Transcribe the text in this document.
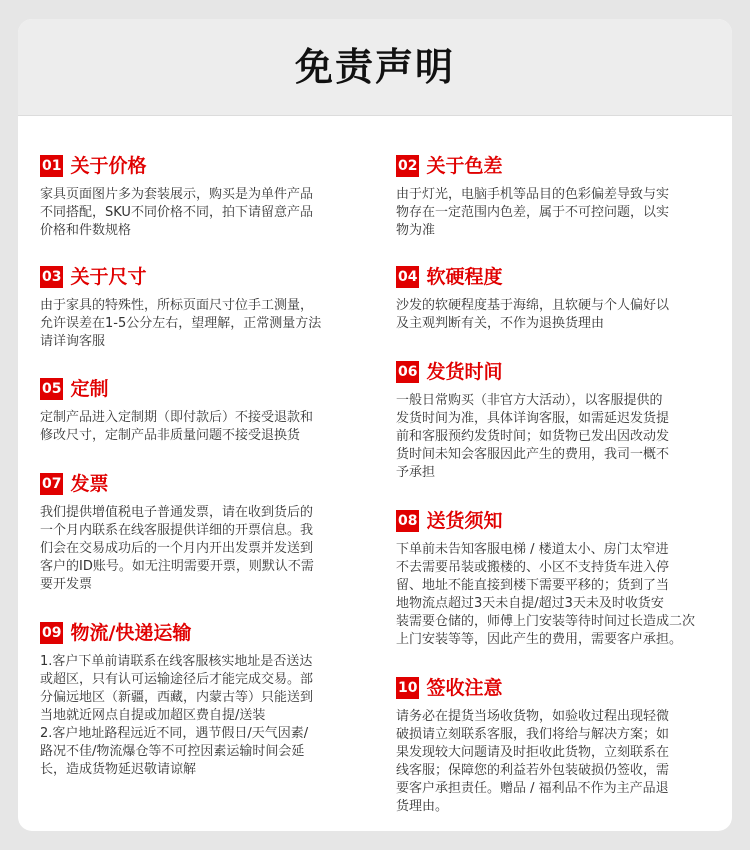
免责声明
01 关于价格
家具页面图片多为套装展示，购买是为单件产品
不同搭配，SKU不同价格不同，拍下请留意产品
价格和件数规格
03 关于尺寸
由于家具的特殊性，所标页面尺寸位手工测量，
允许误差在1-5公分左右，望理解，正常测量方法
请详询客服
05 定制
定制产品进入定制期（即付款后）不接受退款和
修改尺寸，定制产品非质量问题不接受退换货
07 发票
我们提供增值税电子普通发票，请在收到货后的
一个月内联系在线客服提供详细的开票信息。我
们会在交易成功后的一个月内开出发票并发送到
客户的ID账号。如无注明需要开票，则默认不需
要开发票
09 物流/快递运输
1.客户下单前请联系在线客服核实地址是否送达
或超区，只有认可运输途径后才能完成交易。部
分偏远地区（新疆，西藏，内蒙古等）只能送到
当地就近网点自提或加超区费自提/送装
2.客户地址路程远近不同，遇节假日/天气因素/
路况不佳/物流爆仓等不可控因素运输时间会延
长，造成货物延迟敬请谅解
02 关于色差
由于灯光，电脑手机等品目的色彩偏差导致与实
物存在一定范围内色差，属于不可控问题，以实
物为准
04 软硬程度
沙发的软硬程度基于海绵，且软硬与个人偏好以
及主观判断有关，不作为退换货理由
06 发货时间
一般日常购买（非官方大活动），以客服提供的
发货时间为准，具体详询客服，如需延迟发货提
前和客服预约发货时间；如货物已发出因改动发
货时间未知会客服因此产生的费用，我司一概不
予承担
08 送货须知
下单前未告知客服电梯 / 楼道太小、房门太窄进
不去需要吊装或搬楼的、小区不支持货车进入停
留、地址不能直接到楼下需要平移的；货到了当
地物流点超过3天未自提/超过3天未及时收货安
装需要仓储的，师傅上门安装等待时间过长造成二次
上门安装等等，因此产生的费用，需要客户承担。
10 签收注意
请务必在提货当场收货物，如验收过程出现轻微
破损请立刻联系客服，我们将给与解决方案；如
果发现较大问题请及时拒收此货物，立刻联系在
线客服；保障您的利益若外包装破损仍签收，需
要客户承担责任。赠品 / 福利品不作为主产品退
货理由。
